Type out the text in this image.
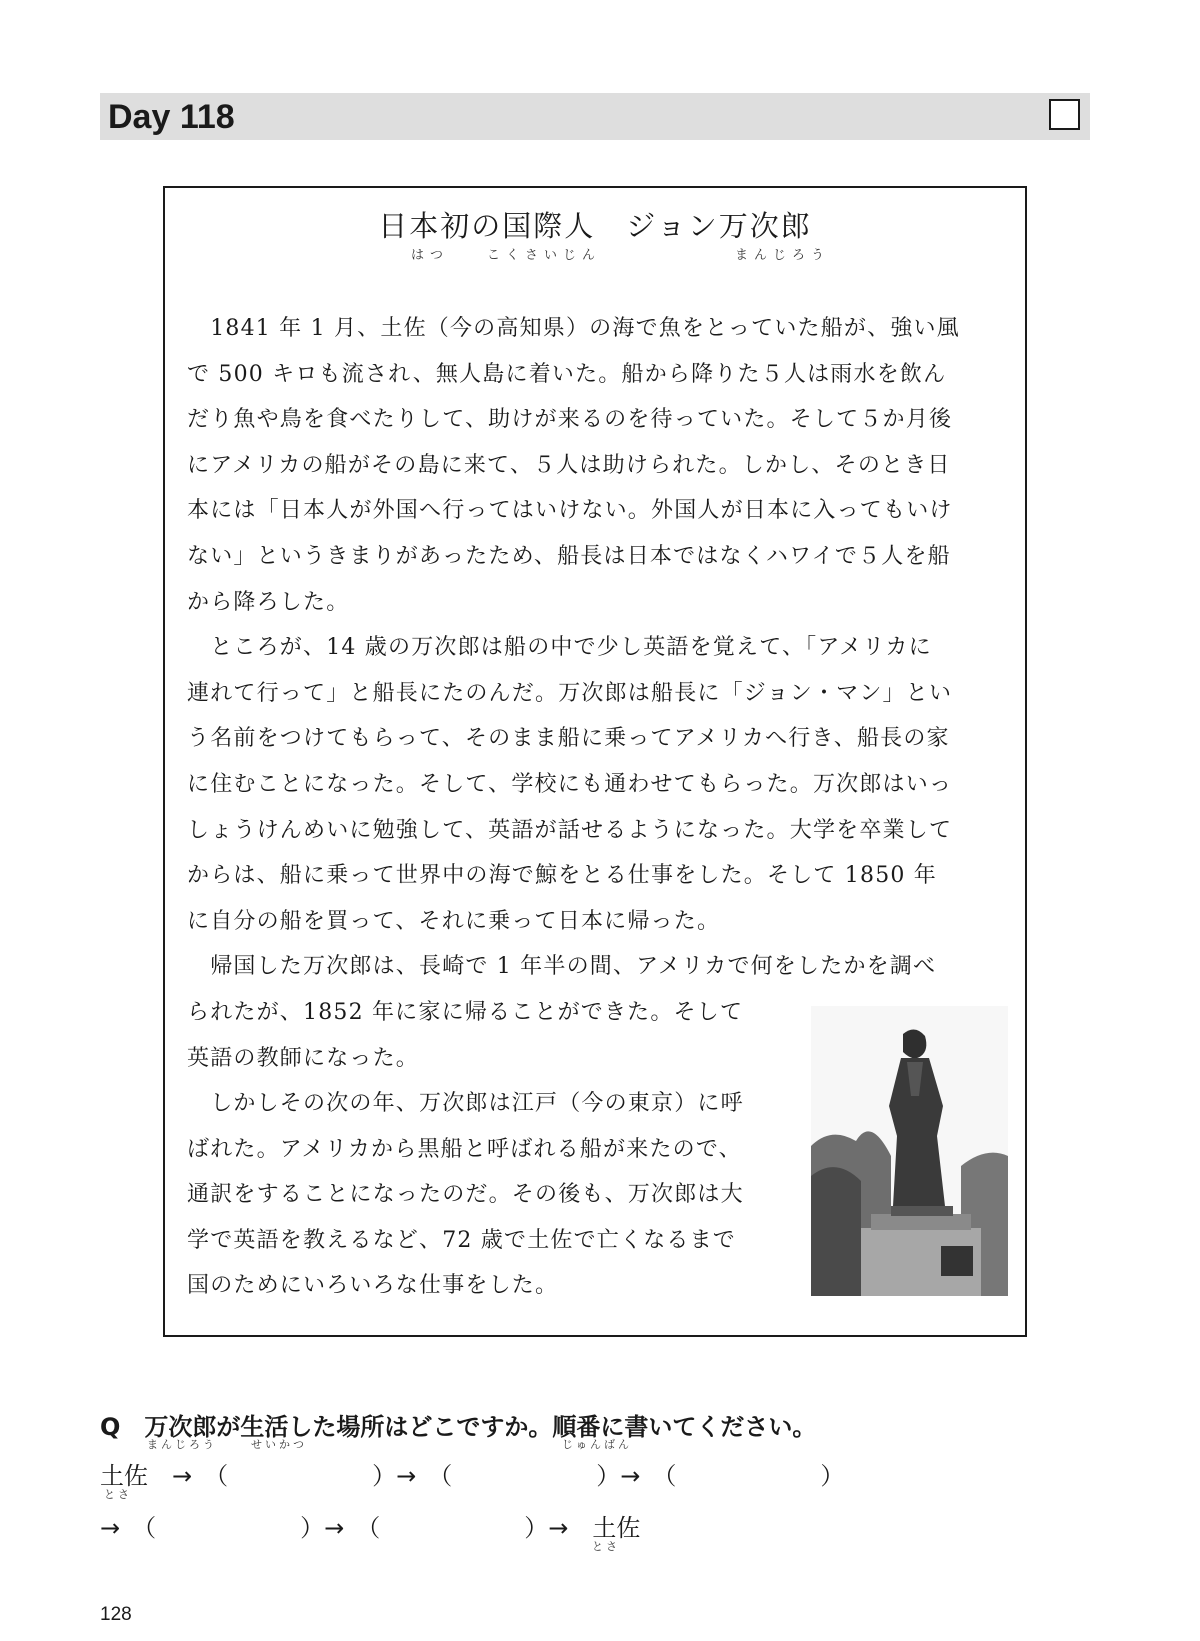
Day 118
日本初の国際人　ジョン万次郎
はつ　　こくさいじん	まんじろう
　1841 年 1 月、土佐（今の高知県）の海で魚をとっていた船が、強い風
で 500 キロも流され、無人島に着いた。船から降りた５人は雨水を飲ん
だり魚や鳥を食べたりして、助けが来るのを待っていた。そして５か月後
にアメリカの船がその島に来て、５人は助けられた。しかし、そのとき日
本には「日本人が外国へ行ってはいけない。外国人が日本に入ってもいけ
ない」というきまりがあったため、船長は日本ではなくハワイで５人を船
から降ろした。
　ところが、14 歳の万次郎は船の中で少し英語を覚えて、「アメリカに
連れて行って」と船長にたのんだ。万次郎は船長に「ジョン・マン」とい
う名前をつけてもらって、そのまま船に乗ってアメリカへ行き、船長の家
に住むことになった。そして、学校にも通わせてもらった。万次郎はいっ
しょうけんめいに勉強して、英語が話せるようになった。大学を卒業して
からは、船に乗って世界中の海で鯨をとる仕事をした。そして 1850 年
に自分の船を買って、それに乗って日本に帰った。
　帰国した万次郎は、長崎で 1 年半の間、アメリカで何をしたかを調べ
られたが、1852 年に家に帰ることができた。そして
英語の教師になった。
　しかしその次の年、万次郎は江戸（今の東京）に呼
ばれた。アメリカから黒船と呼ばれる船が来たので、
通訳をすることになったのだ。その後も、万次郎は大
学で英語を教えるなど、72 歳で土佐で亡くなるまで
国のためにいろいろな仕事をした。
Q　万次郎が生活した場所はどこですか。順番に書いてください。
まんじろう	せいかつ	じゅんばん
土佐　→　（　　　　　　）→　（　　　　　　）→　（　　　　　　）
とさ
→　（　　　　　　）→　（　　　　　　）→　土佐
とさ
128
